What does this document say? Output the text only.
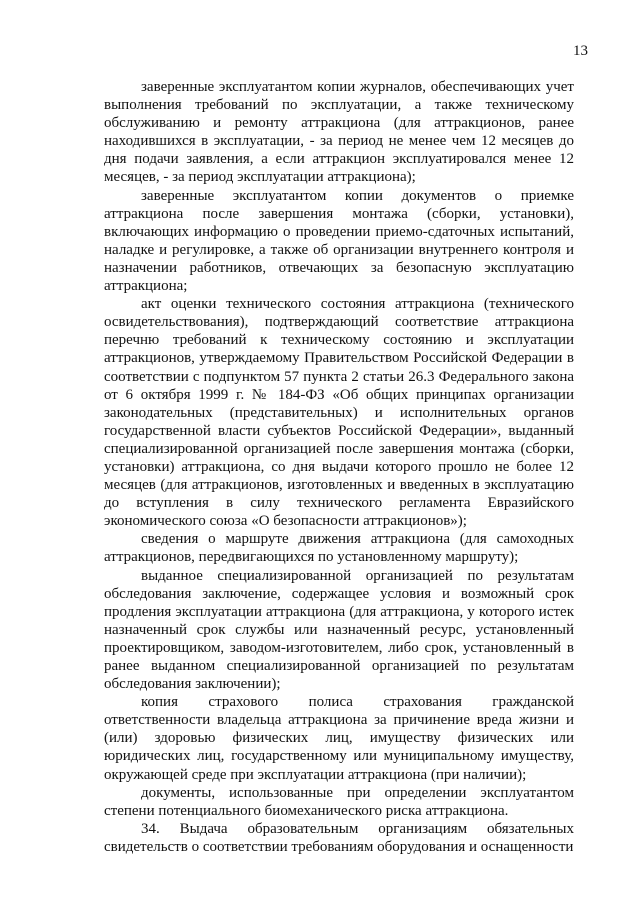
13

заверенные эксплуатантом копии журналов, обеспечивающих учет выполнения требований по эксплуатации, а также техническому обслуживанию и ремонту аттракциона (для аттракционов, ранее находившихся в эксплуатации, - за период не менее чем 12 месяцев до дня подачи заявления, а если аттракцион эксплуатировался менее 12 месяцев, - за период эксплуатации аттракциона);

заверенные эксплуатантом копии документов о приемке аттракциона после завершения монтажа (сборки, установки), включающих информацию о проведении приемо-сдаточных испытаний, наладке и регулировке, а также об организации внутреннего контроля и назначении работников, отвечающих за безопасную эксплуатацию аттракциона;

акт оценки технического состояния аттракциона (технического освидетельствования), подтверждающий соответствие аттракциона перечню требований к техническому состоянию и эксплуатации аттракционов, утверждаемому Правительством Российской Федерации в соответствии с подпунктом 57 пункта 2 статьи 26.3 Федерального закона от 6 октября 1999 г. № 184-ФЗ «Об общих принципах организации законодательных (представительных) и исполнительных органов государственной власти субъектов Российской Федерации», выданный специализированной организацией после завершения монтажа (сборки, установки) аттракциона, со дня выдачи которого прошло не более 12 месяцев (для аттракционов, изготовленных и введенных в эксплуатацию до вступления в силу технического регламента Евразийского экономического союза «О безопасности аттракционов»);

сведения о маршруте движения аттракциона (для самоходных аттракционов, передвигающихся по установленному маршруту);

выданное специализированной организацией по результатам обследования заключение, содержащее условия и возможный срок продления эксплуатации аттракциона (для аттракциона, у которого истек назначенный срок службы или назначенный ресурс, установленный проектировщиком, заводом-изготовителем, либо срок, установленный в ранее выданном специализированной организацией по результатам обследования заключении);

копия страхового полиса страхования гражданской ответственности владельца аттракциона за причинение вреда жизни и (или) здоровью физических лиц, имуществу физических или юридических лиц, государственному или муниципальному имуществу, окружающей среде при эксплуатации аттракциона (при наличии);

документы, использованные при определении эксплуатантом степени потенциального биомеханического риска аттракциона.

34. Выдача образовательным организациям обязательных свидетельств о соответствии требованиям оборудования и оснащенности
